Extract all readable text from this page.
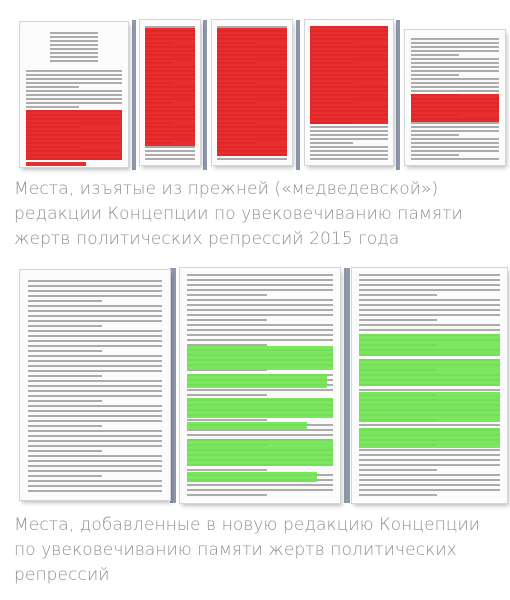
Места, изъятые из прежней («медведевской») редакции Концепции по увековечиванию памяти жертв политических репрессий 2015 года
Места, добавленные в новую редакцию Концепции по увековечиванию памяти жертв политических репрессий
